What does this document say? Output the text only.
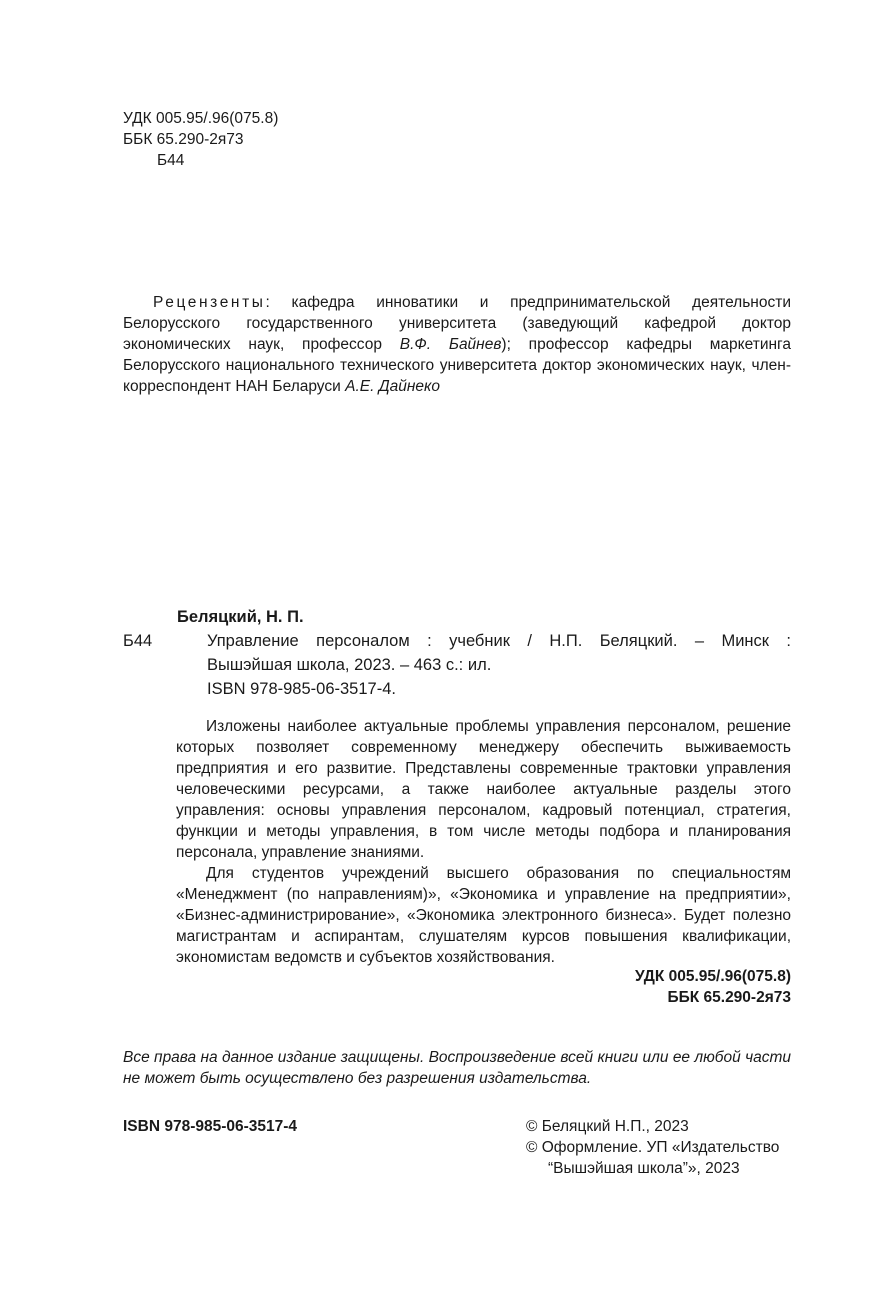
УДК 005.95/.96(075.8)
ББК 65.290-2я73
Б44

Рецензенты: кафедра инноватики и предпринимательской деятельности Белорусского государственного университета (заведующий кафедрой доктор экономических наук, профессор В.Ф. Байнев); профессор кафедры маркетинга Белорусского национального технического университета доктор экономических наук, член-корреспондент НАН Беларуси А.Е. Дайнеко

Беляцкий, Н. П.
Б44	Управление персоналом : учебник / Н.П. Беляцкий. – Минск :
Вышэйшая школа, 2023. – 463 с.: ил.
ISBN 978-985-06-3517-4.

Изложены наиболее актуальные проблемы управления персоналом, решение которых позволяет современному менеджеру обеспечить выживаемость предприятия и его развитие. Представлены современные трактовки управления человеческими ресурсами, а также наиболее актуальные разделы этого управления: основы управления персоналом, кадровый потенциал, стратегия, функции и методы управления, в том числе методы подбора и планирования персонала, управление знаниями.

Для студентов учреждений высшего образования по специальностям «Менеджмент (по направлениям)», «Экономика и управление на предприятии», «Бизнес-администрирование», «Экономика электронного бизнеса». Будет полезно магистрантам и аспирантам, слушателям курсов повышения квалификации, экономистам ведомств и субъектов хозяйствования.

УДК 005.95/.96(075.8)
ББК 65.290-2я73

Все права на данное издание защищены. Воспроизведение всей книги или ее любой части не может быть осуществлено без разрешения издательства.

ISBN 978-985-06-3517-4	© Беляцкий Н.П., 2023
© Оформление. УП «Издательство
“Вышэйшая школа”», 2023
